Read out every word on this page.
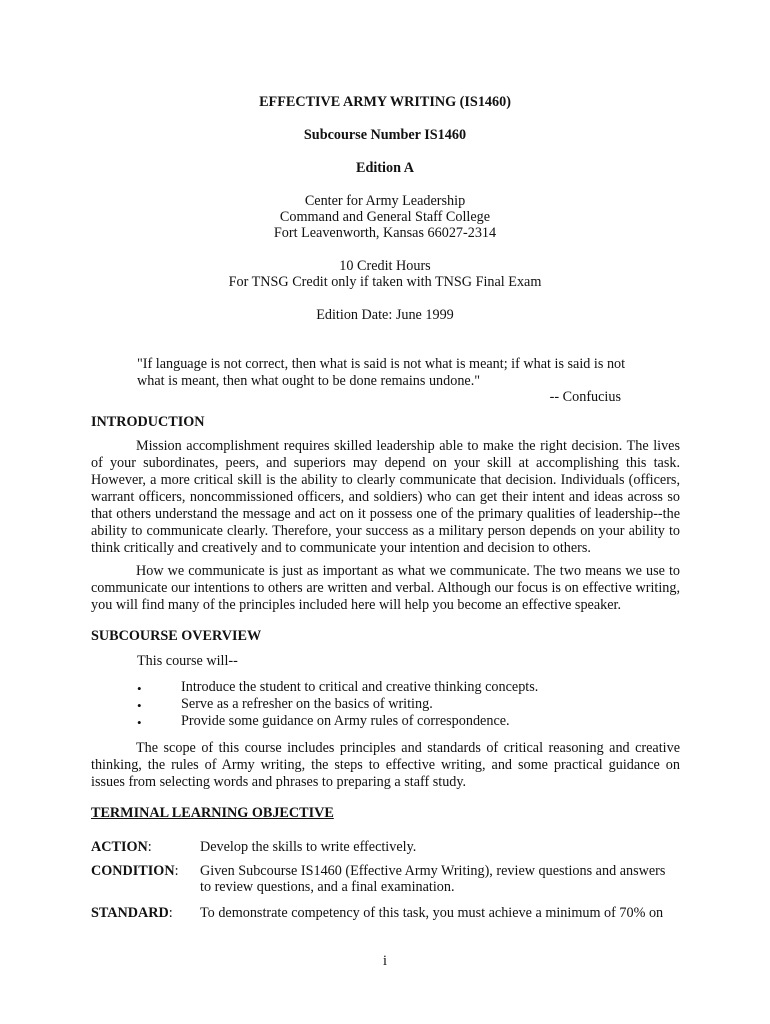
EFFECTIVE ARMY WRITING (IS1460)
Subcourse Number IS1460
Edition A
Center for Army Leadership
Command and General Staff College
Fort Leavenworth, Kansas 66027-2314
10 Credit Hours
For TNSG Credit only if taken with TNSG Final Exam
Edition Date: June 1999
"If language is not correct, then what is said is not what is meant; if what is said is not
what is meant, then what ought to be done remains undone."
-- Confucius
INTRODUCTION
Mission accomplishment requires skilled leadership able to make the right decision. The lives of your subordinates, peers, and superiors may depend on your skill at accomplishing this task. However, a more critical skill is the ability to clearly communicate that decision. Individuals (officers, warrant officers, noncommissioned officers, and soldiers) who can get their intent and ideas across so that others understand the message and act on it possess one of the primary qualities of leadership--the ability to communicate clearly. Therefore, your success as a military person depends on your ability to think critically and creatively and to communicate your intention and decision to others.
How we communicate is just as important as what we communicate. The two means we use to communicate our intentions to others are written and verbal. Although our focus is on effective writing, you will find many of the principles included here will help you become an effective speaker.
SUBCOURSE OVERVIEW
This course will--
•	Introduce the student to critical and creative thinking concepts.
•	Serve as a refresher on the basics of writing.
•	Provide some guidance on Army rules of correspondence.
The scope of this course includes principles and standards of critical reasoning and creative thinking, the rules of Army writing, the steps to effective writing, and some practical guidance on issues from selecting words and phrases to preparing a staff study.
TERMINAL LEARNING OBJECTIVE
ACTION:	Develop the skills to write effectively.
CONDITION: Given Subcourse IS1460 (Effective Army Writing), review questions and answers
to review questions, and a final examination.
STANDARD: To demonstrate competency of this task, you must achieve a minimum of 70% on
i
